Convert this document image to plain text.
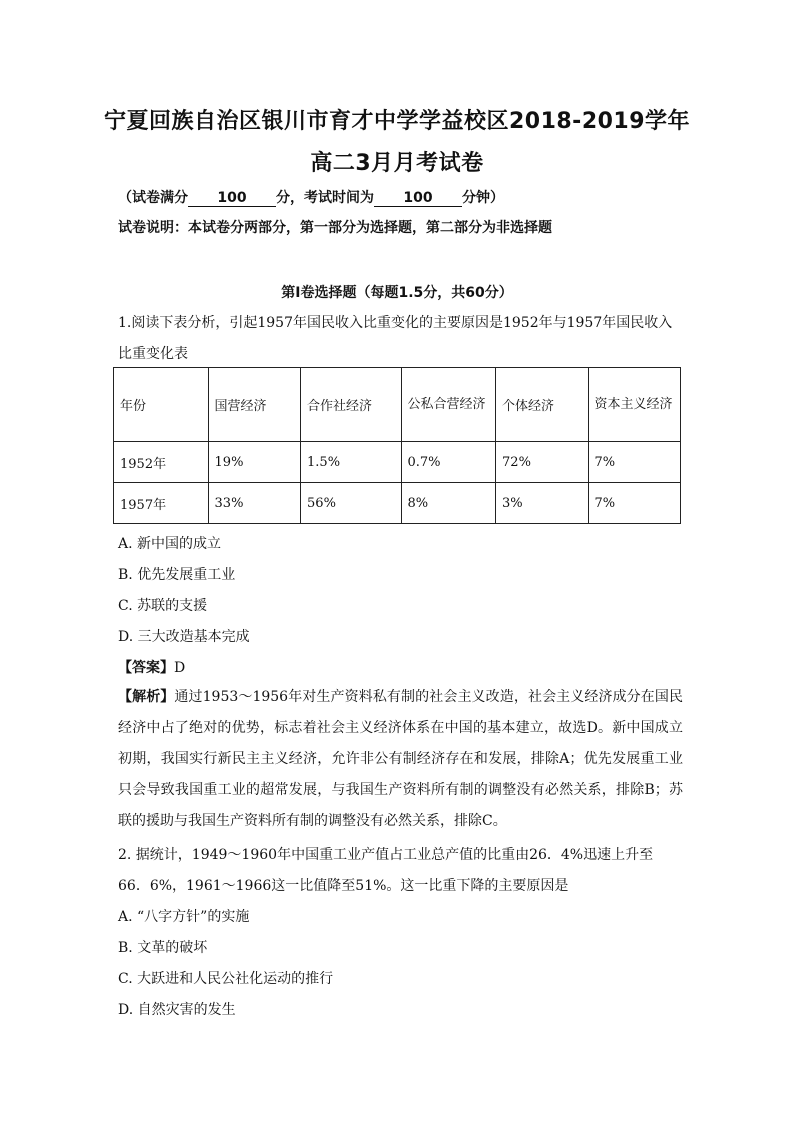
宁夏回族自治区银川市育才中学学益校区2018-2019学年
高二3月月考试卷
（试卷满分 100 分，考试时间为 100 分钟）
试卷说明：本试卷分两部分，第一部分为选择题，第二部分为非选择题
第Ⅰ卷选择题（每题1.5分，共60分）
1.阅读下表分析，引起1957年国民收入比重变化的主要原因是1952年与1957年国民收入
比重变化表
年份	国营经济	合作社经济	公私合营经济	个体经济	资本主义经济
1952年	19%	1.5%	0.7%	72%	7%
1957年	33%	56%	8%	3%	7%
A. 新中国的成立
B. 优先发展重工业
C. 苏联的支援
D. 三大改造基本完成
【答案】D
【解析】通过1953～1956年对生产资料私有制的社会主义改造，社会主义经济成分在国民经济中占了绝对的优势，标志着社会主义经济体系在中国的基本建立，故选D。新中国成立初期，我国实行新民主主义经济，允许非公有制经济存在和发展，排除A；优先发展重工业只会导致我国重工业的超常发展，与我国生产资料所有制的调整没有必然关系，排除B；苏联的援助与我国生产资料所有制的调整没有必然关系，排除C。
2. 据统计，1949～1960年中国重工业产值占工业总产值的比重由26．4%迅速上升至
66．6%，1961～1966这一比值降至51%。这一比重下降的主要原因是
A. “八字方针”的实施
B. 文革的破坏
C. 大跃进和人民公社化运动的推行
D. 自然灾害的发生
